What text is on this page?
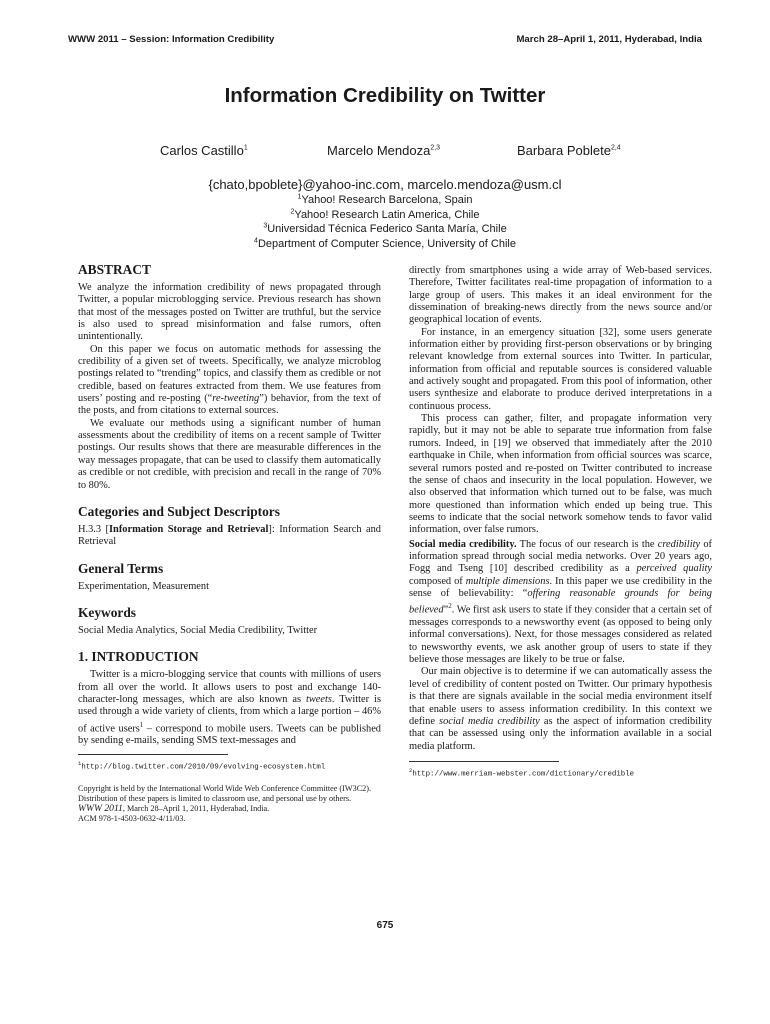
WWW 2011 – Session: Information Credibility	March 28–April 1, 2011, Hyderabad, India
Information Credibility on Twitter
Carlos Castillo$^1$	Marcelo Mendoza$^{2,3}$	Barbara Poblete$^{2,4}$
{chato,bpoblete}@yahoo-inc.com, marcelo.mendoza@usm.cl
$^1$Yahoo! Research Barcelona, Spain
$^2$Yahoo! Research Latin America, Chile
$^3$Universidad Técnica Federico Santa María, Chile
$^4$Department of Computer Science, University of Chile
ABSTRACT

We analyze the information credibility of news propagated through Twitter, a popular microblogging service. Previous research has shown that most of the messages posted on Twitter are truthful, but the service is also used to spread misinformation and false rumors, often unintentionally.

On this paper we focus on automatic methods for assessing the credibility of a given set of tweets. Specifically, we analyze microblog postings related to “trending” topics, and classify them as credible or not credible, based on features extracted from them. We use features from users’ posting and re-posting (“re-tweeting”) behavior, from the text of the posts, and from citations to external sources.

We evaluate our methods using a significant number of human assessments about the credibility of items on a recent sample of Twitter postings. Our results shows that there are measurable differences in the way messages propagate, that can be used to classify them automatically as credible or not credible, with precision and recall in the range of 70% to 80%.

Categories and Subject Descriptors

H.3.3 [Information Storage and Retrieval]: Information Search and Retrieval

General Terms

Experimentation, Measurement

Keywords

Social Media Analytics, Social Media Credibility, Twitter

1. INTRODUCTION

Twitter is a micro-blogging service that counts with millions of users from all over the world. It allows users to post and exchange 140-character-long messages, which are also known as tweets. Twitter is used through a wide variety of clients, from which a large portion – 46% of active users$^1$ – correspond to mobile users. Tweets can be published by sending e-mails, sending SMS text-messages and

$^1$http://blog.twitter.com/2010/09/evolving-ecosystem.html
Copyright is held by the International World Wide Web Conference Committee (IW3C2). Distribution of these papers is limited to classroom use, and personal use by others.
WWW 2011, March 28–April 1, 2011, Hyderabad, India.
ACM 978-1-4503-0632-4/11/03.

directly from smartphones using a wide array of Web-based services. Therefore, Twitter facilitates real-time propagation of information to a large group of users. This makes it an ideal environment for the dissemination of breaking-news directly from the news source and/or geographical location of events.

For instance, in an emergency situation [32], some users generate information either by providing first-person observations or by bringing relevant knowledge from external sources into Twitter. In particular, information from official and reputable sources is considered valuable and actively sought and propagated. From this pool of information, other users synthesize and elaborate to produce derived interpretations in a continuous process.

This process can gather, filter, and propagate information very rapidly, but it may not be able to separate true information from false rumors. Indeed, in [19] we observed that immediately after the 2010 earthquake in Chile, when information from official sources was scarce, several rumors posted and re-posted on Twitter contributed to increase the sense of chaos and insecurity in the local population. However, we also observed that information which turned out to be false, was much more questioned than information which ended up being true. This seems to indicate that the social network somehow tends to favor valid information, over false rumors.

Social media credibility. The focus of our research is the credibility of information spread through social media networks. Over 20 years ago, Fogg and Tseng [10] described credibility as a perceived quality composed of multiple dimensions. In this paper we use credibility in the sense of believability: “offering reasonable grounds for being believed”$^2$. We first ask users to state if they consider that a certain set of messages corresponds to a newsworthy event (as opposed to being only informal conversations). Next, for those messages considered as related to newsworthy events, we ask another group of users to state if they believe those messages are likely to be true or false.

Our main objective is to determine if we can automatically assess the level of credibility of content posted on Twitter. Our primary hypothesis is that there are signals available in the social media environment itself that enable users to assess information credibility. In this context we define social media credibility as the aspect of information credibility that can be assessed using only the information available in a social media platform.

$^2$http://www.merriam-webster.com/dictionary/credible
675
